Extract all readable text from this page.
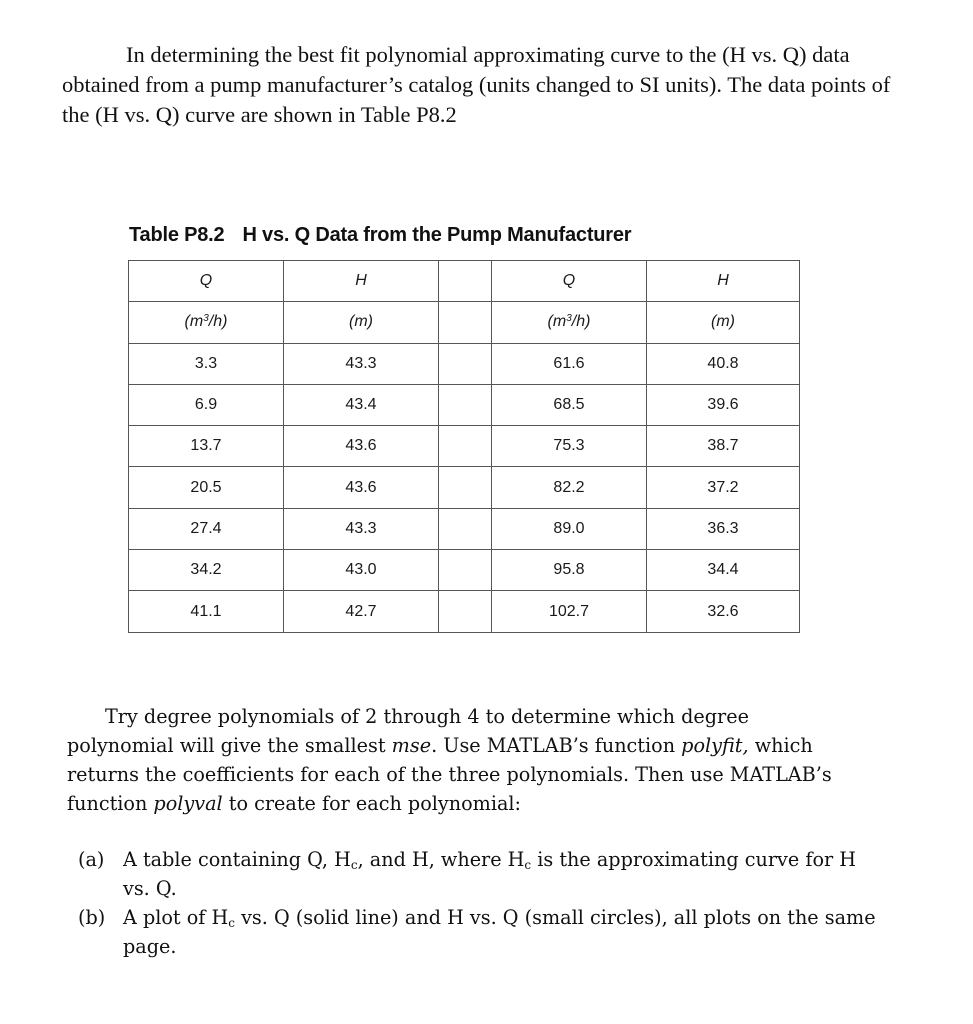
In determining the best fit polynomial approximating curve to the (H vs. Q) data obtained from a pump manufacturer’s catalog (units changed to SI units). The data points of the (H vs. Q) curve are shown in Table P8.2

Table P8.2 H vs. Q Data from the Pump Manufacturer

Q	H		Q	H
$(m^3/h)$	(m)		$(m^3/h)$	(m)
3.3	43.3		61.6	40.8
6.9	43.4		68.5	39.6
13.7	43.6		75.3	38.7
20.5	43.6		82.2	37.2
27.4	43.3		89.0	36.3
34.2	43.0		95.8	34.4
41.1	42.7		102.7	32.6

Try degree polynomials of 2 through 4 to determine which degree polynomial will give the smallest mse. Use MATLAB’s function polyfit, which returns the coefficients for each of the three polynomials. Then use MATLAB’s function polyval to create for each polynomial:

(a) A table containing Q, Hc, and H, where Hc is the approximating curve for H vs. Q.

(b) A plot of Hc vs. Q (solid line) and H vs. Q (small circles), all plots on the same page.
